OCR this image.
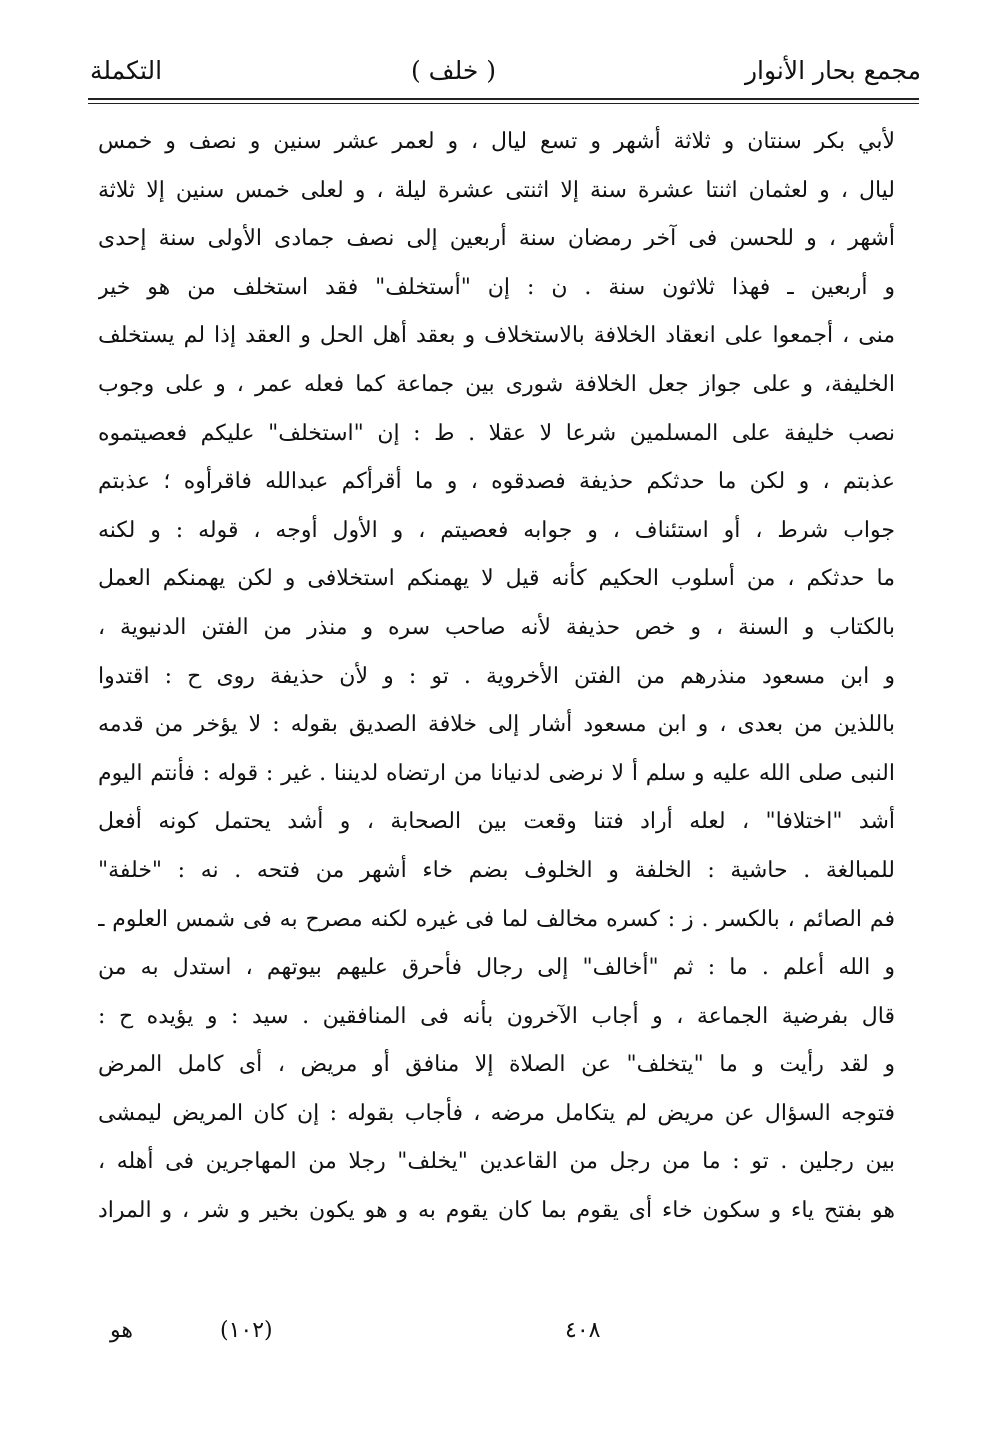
مجمع بحار الأنوار
( خلف )
التكملة
لأبي بكر سنتان و ثلاثة أشهر و تسع ليال ، و لعمر عشر سنين و نصف و خمس
ليال ، و لعثمان اثنتا عشرة سنة إلا اثنتى عشرة ليلة ، و لعلى خمس سنين إلا ثلاثة
أشهر ، و للحسن فى آخر رمضان سنة أربعين إلى نصف جمادى الأولى سنة إحدى
و أربعين ـ فهذا ثلاثون سنة . ن : إن "أستخلف" فقد استخلف من هو خير
منى ، أجمعوا على انعقاد الخلافة بالاستخلاف و بعقد أهل الحل و العقد إذا لم يستخلف
الخليفة، و على جواز جعل الخلافة شورى بين جماعة كما فعله عمر ، و على وجوب
نصب خليفة على المسلمين شرعا لا عقلا . ط : إن "استخلف" عليكم فعصيتموه
عذبتم ، و لكن ما حدثكم حذيفة فصدقوه ، و ما أقرأكم عبدالله فاقرأوه ؛ عذبتم
جواب شرط ، أو استئناف ، و جوابه فعصيتم ، و الأول أوجه ، قوله : و لكنه
ما حدثكم ، من أسلوب الحكيم كأنه قيل لا يهمنكم استخلافى و لكن يهمنكم العمل
بالكتاب و السنة ، و خص حذيفة لأنه صاحب سره و منذر من الفتن الدنيوية ،
و ابن مسعود منذرهم من الفتن الأخروية . تو : و لأن حذيفة روى ح : اقتدوا
باللذين من بعدى ، و ابن مسعود أشار إلى خلافة الصديق بقوله : لا يؤخر من قدمه
النبى صلى الله عليه و سلم أ لا نرضى لدنيانا من ارتضاه لديننا . غير : قوله : فأنتم اليوم
أشد "اختلافا" ، لعله أراد فتنا وقعت بين الصحابة ، و أشد يحتمل كونه أفعل
للمبالغة . حاشية : الخلفة و الخلوف بضم خاء أشهر من فتحه . نه : "خلفة"
فم الصائم ، بالكسر . ز : كسره مخالف لما فى غيره لكنه مصرح به فى شمس العلوم ـ
و الله أعلم . ما : ثم "أخالف" إلى رجال فأحرق عليهم بيوتهم ، استدل به من
قال بفرضية الجماعة ، و أجاب الآخرون بأنه فى المنافقين . سيد : و يؤيده ح :
و لقد رأيت و ما "يتخلف" عن الصلاة إلا منافق أو مريض ، أى كامل المرض
فتوجه السؤال عن مريض لم يتكامل مرضه ، فأجاب بقوله : إن كان المريض ليمشى
بين رجلين . تو : ما من رجل من القاعدين "يخلف" رجلا من المهاجرين فى أهله ،
هو بفتح ياء و سكون خاء أى يقوم بما كان يقوم به و هو يكون بخير و شر ، و المراد
٤٠٨
(١٠٢)
هو
